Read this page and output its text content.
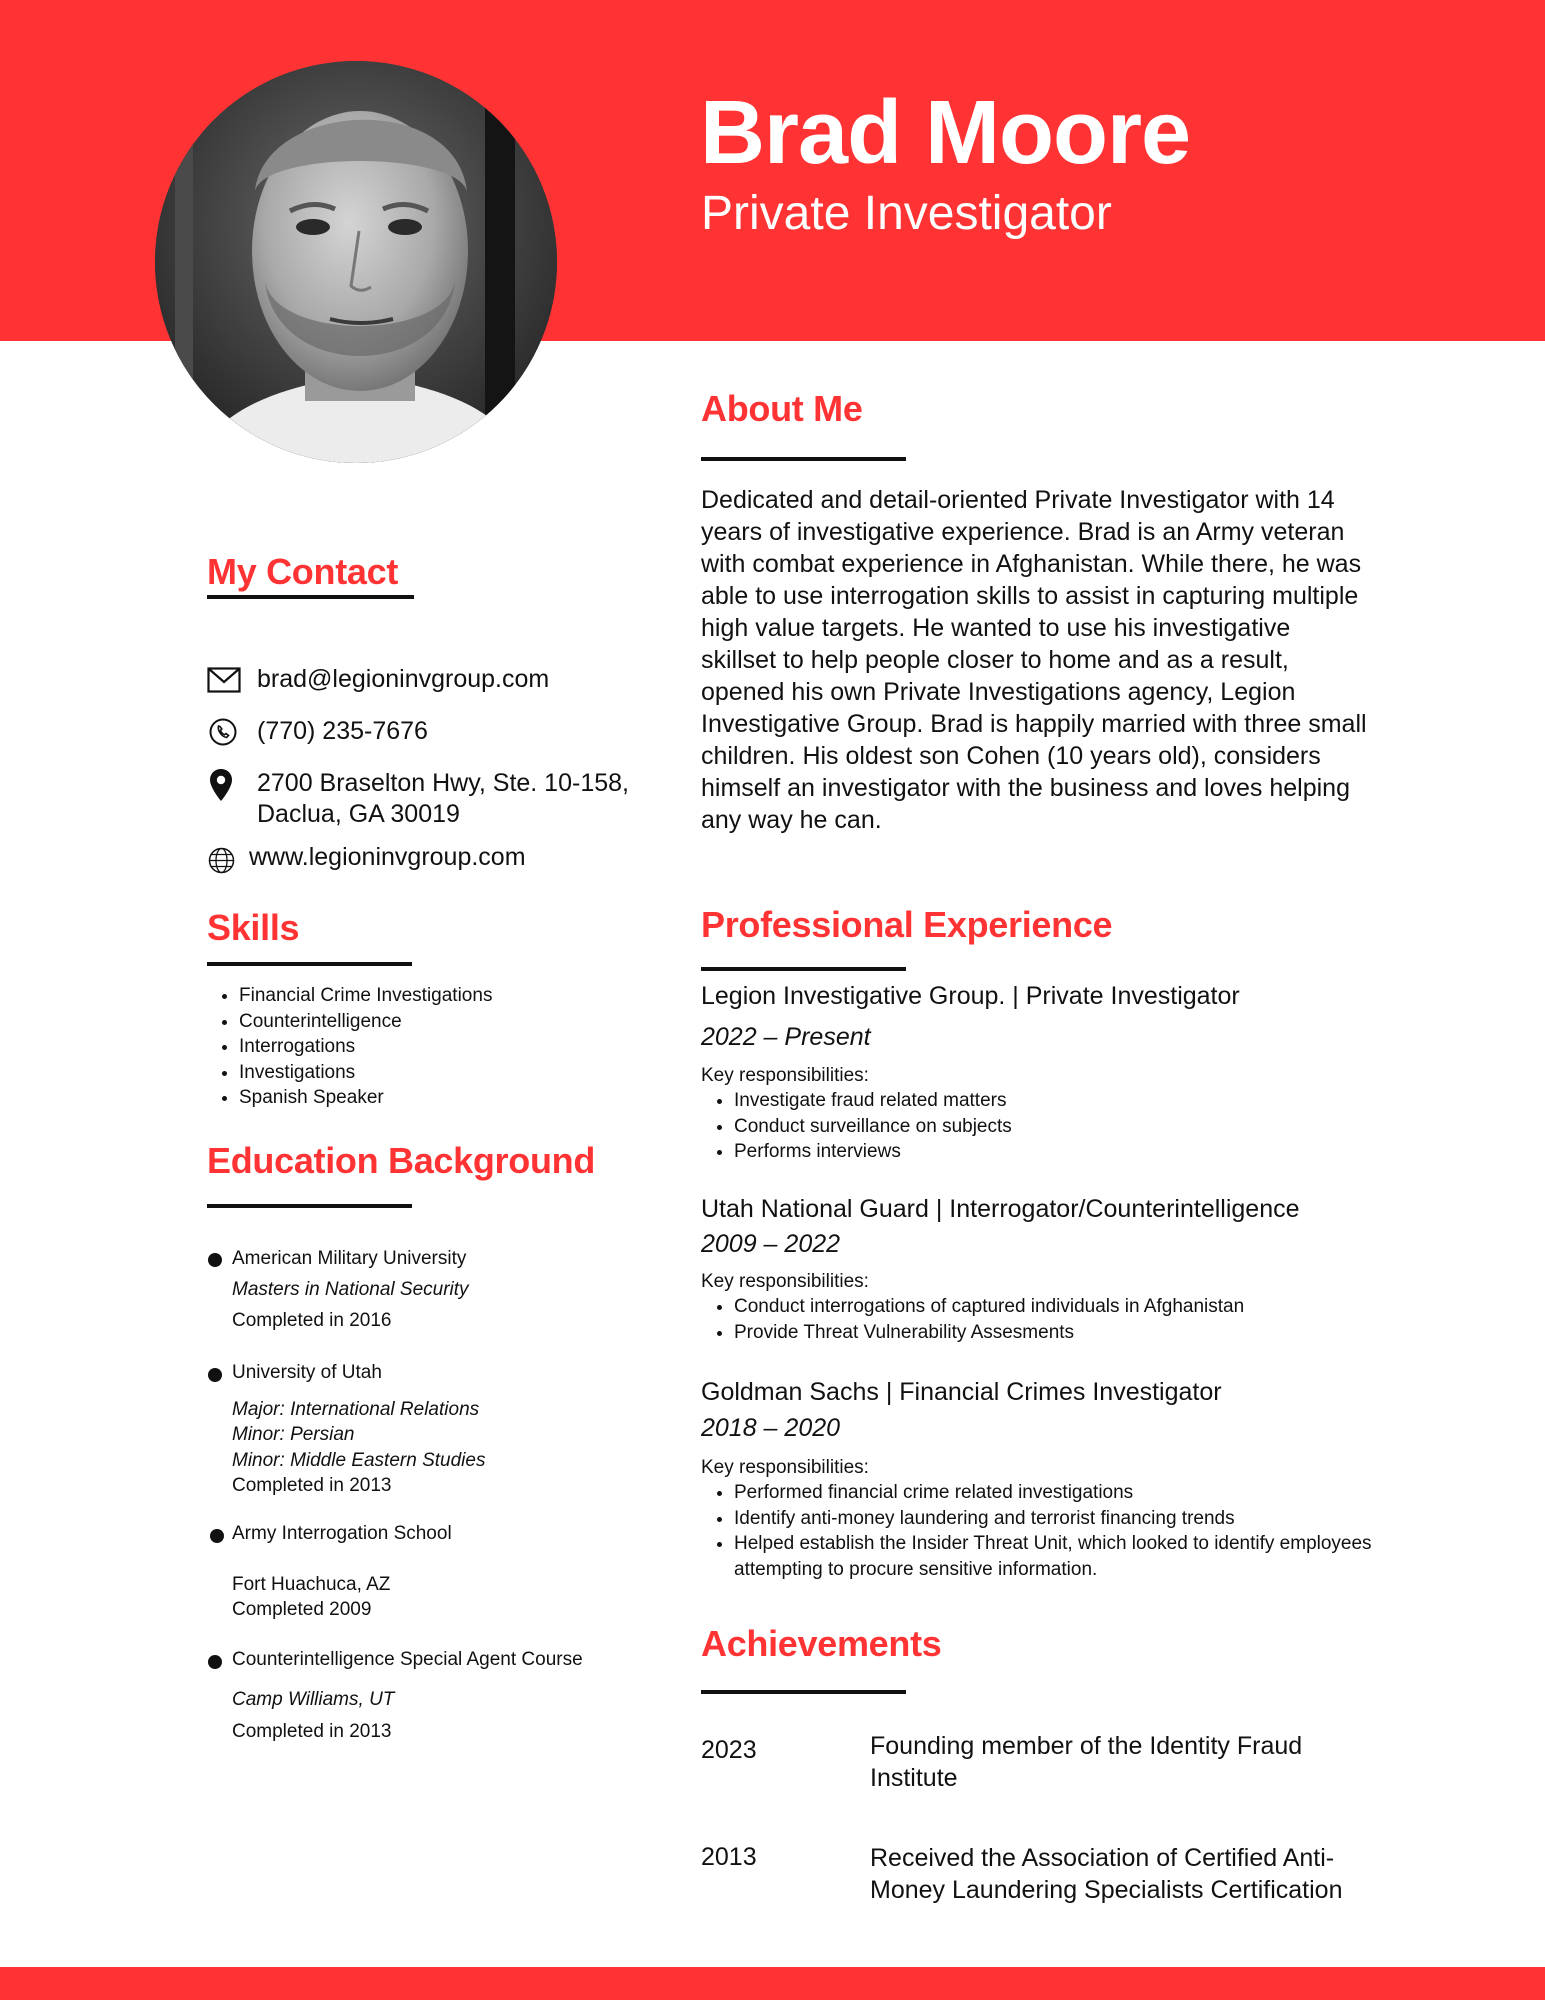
Brad Moore
Private Investigator
My Contact
brad@legioninvgroup.com
(770) 235-7676
2700 Braselton Hwy, Ste. 10-158,
Daclua, GA 30019
www.legioninvgroup.com
Skills
• Financial Crime Investigations
• Counterintelligence
• Interrogations
• Investigations
• Spanish Speaker
Education Background
American Military University
Masters in National Security
Completed in 2016
University of Utah
Major: International Relations
Minor: Persian
Minor: Middle Eastern Studies
Completed in 2013
Army Interrogation School
Fort Huachuca, AZ
Completed 2009
Counterintelligence Special Agent Course
Camp Williams, UT
Completed in 2013
About Me

Dedicated and detail-oriented Private Investigator with 14 years of investigative experience. Brad is an Army veteran with combat experience in Afghanistan. While there, he was able to use interrogation skills to assist in capturing multiple high value targets. He wanted to use his investigative skillset to help people closer to home and as a result, opened his own Private Investigations agency, Legion Investigative Group. Brad is happily married with three small children. His oldest son Cohen (10 years old), considers himself an investigator with the business and loves helping any way he can.

Professional Experience
Legion Investigative Group. | Private Investigator
2022 – Present
Key responsibilities:
• Investigate fraud related matters
• Conduct surveillance on subjects
• Performs interviews
Utah National Guard | Interrogator/Counterintelligence
2009 – 2022
Key responsibilities:
• Conduct interrogations of captured individuals in Afghanistan
• Provide Threat Vulnerability Assesments
Goldman Sachs | Financial Crimes Investigator
2018 – 2020
Key responsibilities:
• Performed financial crime related investigations
• Identify anti-money laundering and terrorist financing trends
• Helped establish the Insider Threat Unit, which looked to identify employees attempting to procure sensitive information.
Achievements
2023	Founding member of the Identity Fraud Institute
2013	Received the Association of Certified Anti-Money Laundering Specialists Certification
